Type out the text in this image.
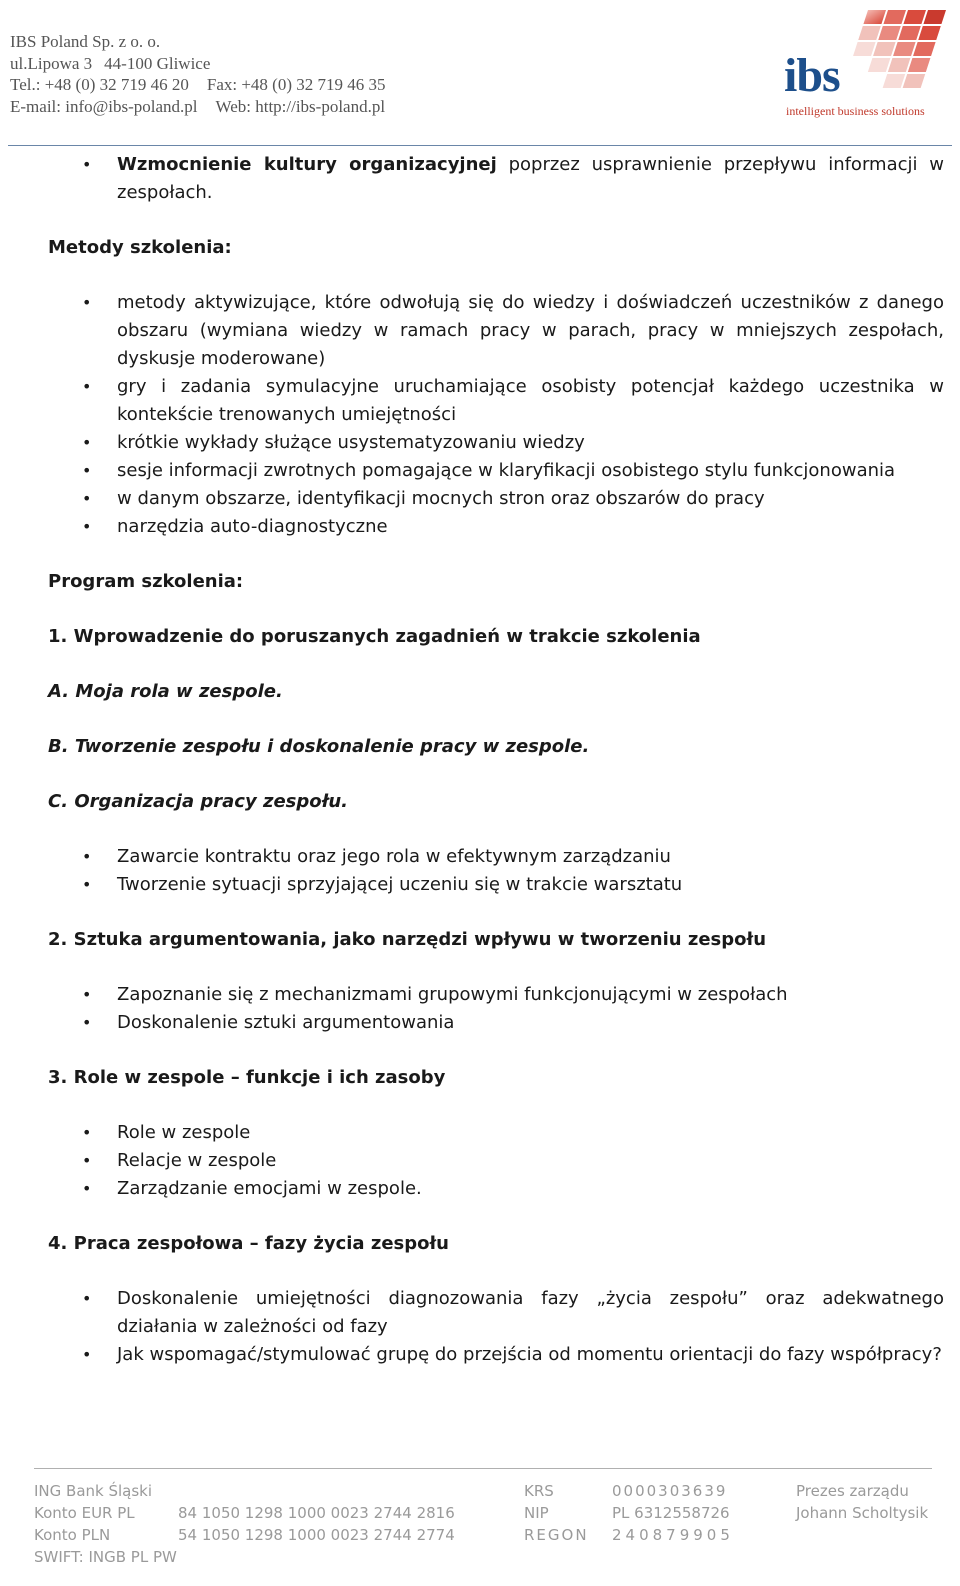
IBS Poland Sp. z o. o.
ul.Lipowa 3 44-100 Gliwice
Tel.: +48 (0) 32 719 46 20 Fax: +48 (0) 32 719 46 35
E-mail: info@ibs-poland.pl Web: http://ibs-poland.pl
ibs
intelligent business solutions
• Wzmocnienie kultury organizacyjnej poprzez usprawnienie przepływu informacji w zespołach.

Metody szkolenia:

• metody aktywizujące, które odwołują się do wiedzy i doświadczeń uczestników z danego obszaru (wymiana wiedzy w ramach pracy w parach, pracy w mniejszych zespołach, dyskusje moderowane)
• gry i zadania symulacyjne uruchamiające osobisty potencjał każdego uczestnika w kontekście trenowanych umiejętności
• krótkie wykłady służące usystematyzowaniu wiedzy
• sesje informacji zwrotnych pomagające w klaryfikacji osobistego stylu funkcjonowania
• w danym obszarze, identyfikacji mocnych stron oraz obszarów do pracy
• narzędzia auto-diagnostyczne

Program szkolenia:

1. Wprowadzenie do poruszanych zagadnień w trakcie szkolenia

A. Moja rola w zespole.

B. Tworzenie zespołu i doskonalenie pracy w zespole.

C. Organizacja pracy zespołu.

• Zawarcie kontraktu oraz jego rola w efektywnym zarządzaniu
• Tworzenie sytuacji sprzyjającej uczeniu się w trakcie warsztatu

2. Sztuka argumentowania, jako narzędzi wpływu w tworzeniu zespołu

• Zapoznanie się z mechanizmami grupowymi funkcjonującymi w zespołach
• Doskonalenie sztuki argumentowania

3. Role w zespole – funkcje i ich zasoby

• Role w zespole
• Relacje w zespole
• Zarządzanie emocjami w zespole.

4. Praca zespołowa – fazy życia zespołu

• Doskonalenie umiejętności diagnozowania fazy „życia zespołu” oraz adekwatnego działania w zależności od fazy
• Jak wspomagać/stymulować grupę do przejścia od momentu orientacji do fazy współpracy?
ING Bank Śląski
Konto EUR PL
Konto PLN
SWIFT: INGB PL PW

84 1050 1298 1000 0023 2744 2816
54 1050 1298 1000 0023 2744 2774
KRS
NIP
REGON
0000303639
PL 6312558726
240879905
Prezes zarządu
Johann Scholtysik
